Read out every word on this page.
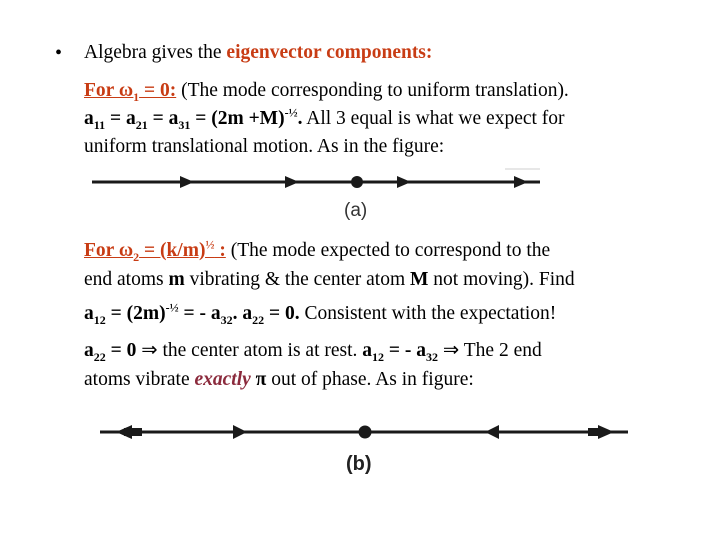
• Algebra gives the eigenvector components:
For $\omega_1 = 0$: (The mode corresponding to uniform translation).
$a_{11} = a_{21} = a_{31} = (2m +M)^{-\frac{1}{2}}$. All 3 equal is what we expect for
uniform translational motion. As in the figure:
(a)
(b)
For $\omega_2 = (k/m)^{\frac{1}{2}}$ : (The mode expected to correspond to the
end atoms m vibrating & the center atom M not moving). Find
$a_{12} = (2m)^{-\frac{1}{2}}$ = - $a_{32}$. $a_{22} = 0$. Consistent with the expectation!
$a_{22} = 0$ ⇒ the center atom is at rest. $a_{12}$ = - $a_{32}$ ⇒ The 2 end
atoms vibrate exactly π out of phase. As in figure:
